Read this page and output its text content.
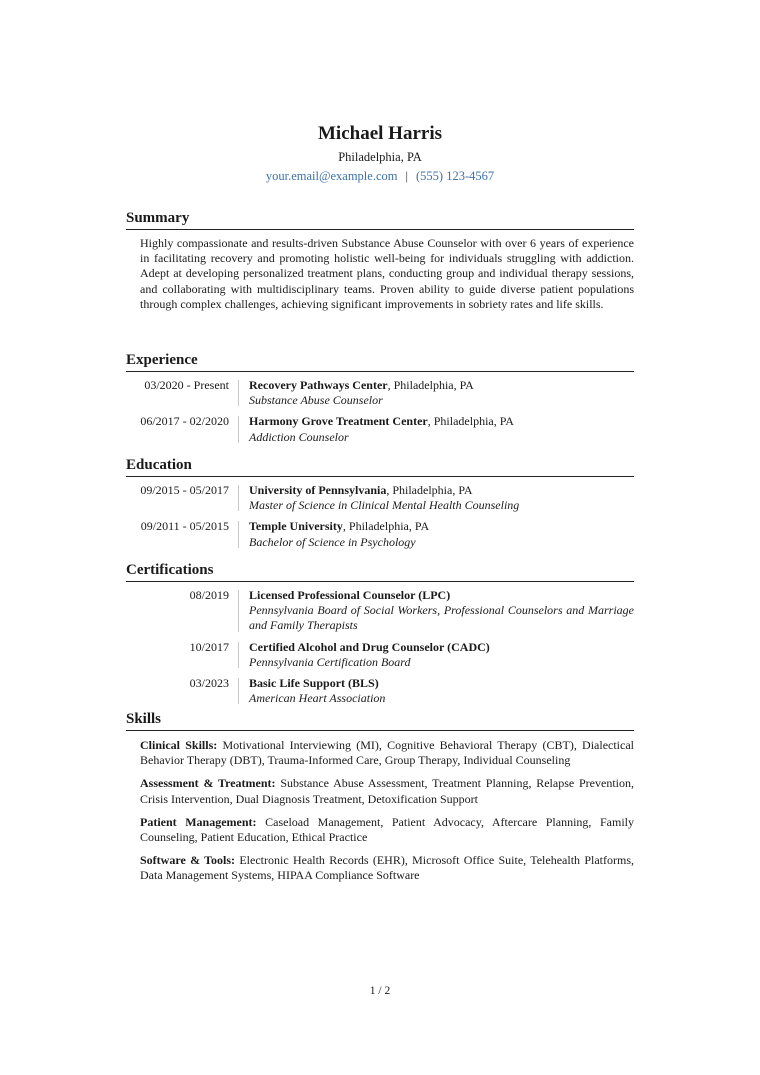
Michael Harris
Philadelphia, PA
your.email@example.com | (555) 123-4567
Summary
Highly compassionate and results-driven Substance Abuse Counselor with over 6 years of experience in facilitating recovery and promoting holistic well-being for individuals struggling with addiction. Adept at developing personalized treatment plans, conducting group and individual therapy sessions, and collaborating with multidisciplinary teams. Proven ability to guide diverse patient populations through complex challenges, achieving significant improvements in sobriety rates and life skills.
Experience
03/2020 - Present	Recovery Pathways Center, Philadelphia, PA
Substance Abuse Counselor
06/2017 - 02/2020	Harmony Grove Treatment Center, Philadelphia, PA
Addiction Counselor
Education
09/2015 - 05/2017	University of Pennsylvania, Philadelphia, PA
Master of Science in Clinical Mental Health Counseling
09/2011 - 05/2015	Temple University, Philadelphia, PA
Bachelor of Science in Psychology
Certifications
08/2019	Licensed Professional Counselor (LPC)
Pennsylvania Board of Social Workers, Professional Counselors and Marriage and Family Therapists
10/2017	Certified Alcohol and Drug Counselor (CADC)
Pennsylvania Certification Board
03/2023	Basic Life Support (BLS)
American Heart Association
Skills
Clinical Skills: Motivational Interviewing (MI), Cognitive Behavioral Therapy (CBT), Dialectical Behavior Therapy (DBT), Trauma-Informed Care, Group Therapy, Individual Counseling
Assessment & Treatment: Substance Abuse Assessment, Treatment Planning, Relapse Prevention, Crisis Intervention, Dual Diagnosis Treatment, Detoxification Support
Patient Management: Caseload Management, Patient Advocacy, Aftercare Planning, Family Counseling, Patient Education, Ethical Practice
Software & Tools: Electronic Health Records (EHR), Microsoft Office Suite, Telehealth Platforms, Data Management Systems, HIPAA Compliance Software
1 / 2
